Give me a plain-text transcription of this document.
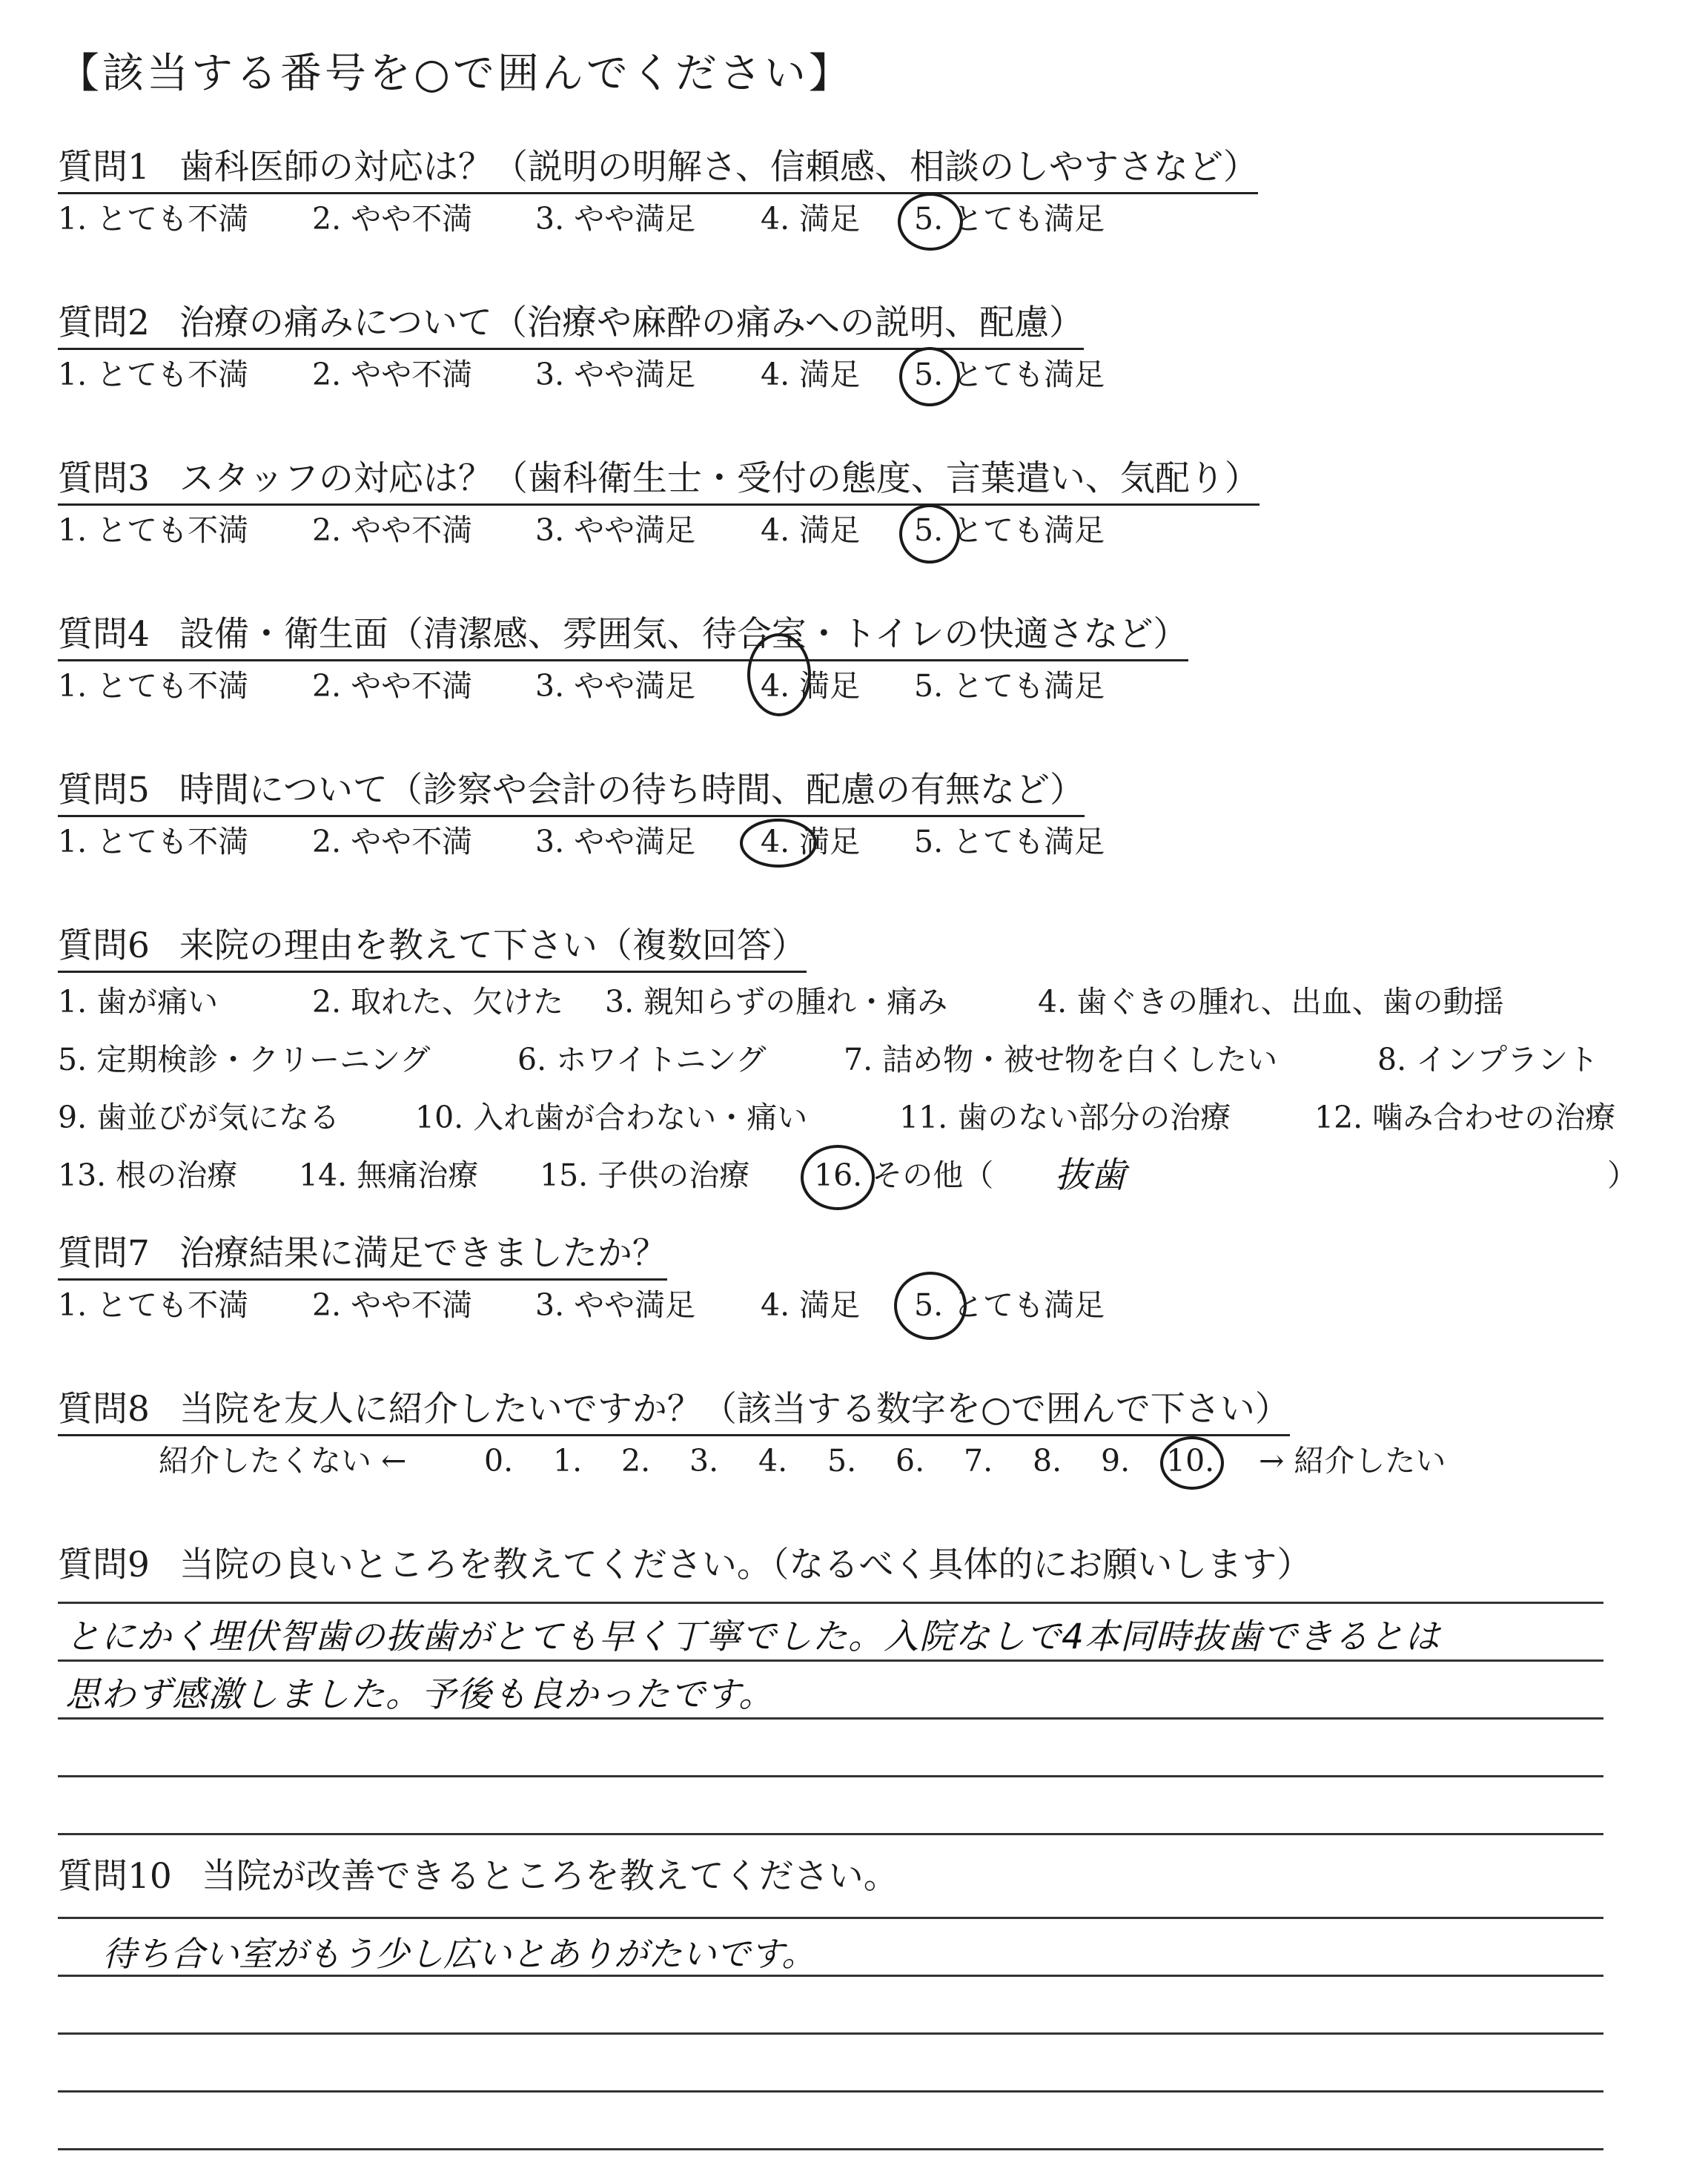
【該当する番号を○で囲んでください】
質問1 歯科医師の対応は？（説明の明解さ、信頼感、相談のしやすさなど）
1. とても不満 2. やや不満 3. やや満足 4. 満足 5. とても満足
質問2 治療の痛みについて（治療や麻酔の痛みへの説明、配慮）
1. とても不満 2. やや不満 3. やや満足 4. 満足 5. とても満足
質問3 スタッフの対応は？（歯科衛生士・受付の態度、言葉遣い、気配り）
1. とても不満 2. やや不満 3. やや満足 4. 満足 5. とても満足
質問4 設備・衛生面（清潔感、雰囲気、待合室・トイレの快適さなど）
1. とても不満 2. やや不満 3. やや満足 4. 満足 5. とても満足
質問5 時間について（診察や会計の待ち時間、配慮の有無など）
1. とても不満 2. やや不満 3. やや満足 4. 満足 5. とても満足
質問6 来院の理由を教えて下さい（複数回答）
1. 歯が痛い	2. 取れた、欠けた 3. 親知らずの腫れ・痛み	4. 歯ぐきの腫れ、出血、歯の動揺
5. 定期検診・クリーニング	6. ホワイトニング	7. 詰め物・被せ物を白くしたい	8. インプラント
9. 歯並びが気になる 10. 入れ歯が合わない・痛い	11. 歯のない部分の治療	12. 噛み合わせの治療
13. 根の治療 14. 無痛治療 15. 子供の治療 16. その他（ 抜歯	）
質問7 治療結果に満足できましたか？
1. とても不満 2. やや不満 3. やや満足 4. 満足 5. とても満足
質問8 当院を友人に紹介したいですか？（該当する数字を○で囲んで下さい）
紹介したくない ←	0. 1. 2. 3. 4. 5. 6. 7. 8. 9. 10. → 紹介したい
質問9 当院の良いところを教えてください。（なるべく具体的にお願いします）
とにかく埋伏智歯の抜歯がとても早く丁寧でした。入院なしで4本同時抜歯できるとは
思わず感激しました。予後も良かったです。
質問10 当院が改善できるところを教えてください。
待ち合い室がもう少し広いとありがたいです。
